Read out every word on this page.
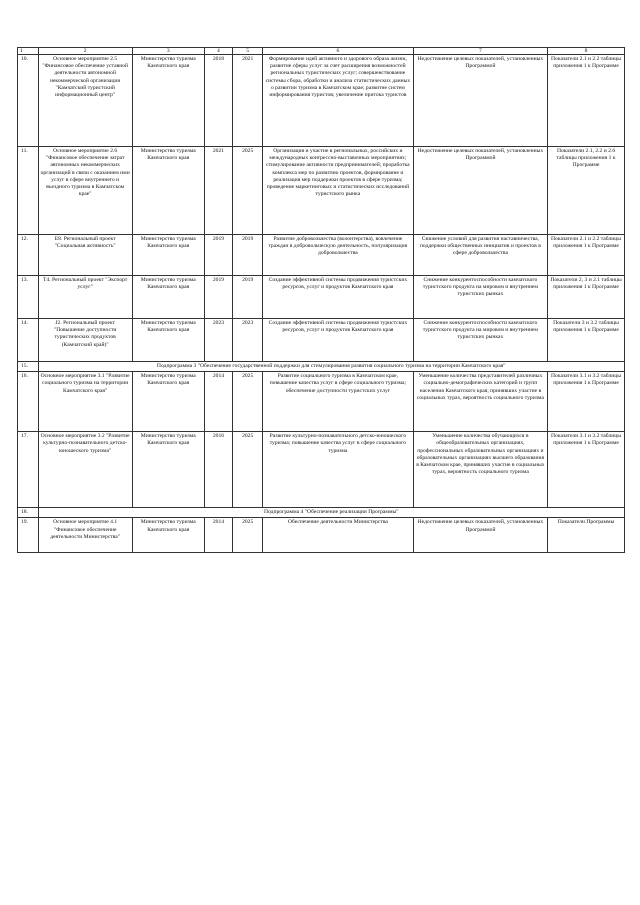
1	2	3	4	5	6	7	8
10.	Основное мероприятие 2.5 "Финансовое обеспечение уставной деятельности автономной некоммерческой организации "Камчатский туристский информационный центр"	Министерство туризма Камчатского края	2018	2021	Формирование идей активного и здорового образа жизни, развитие сферы услуг за счет расширения возможностей региональных туристических услуг; совершенствование системы сбора, обработки и анализа статистических данных о развитии туризма в Камчатском крае; развитие систем информирования туристов; увеличение притока туристов	Недостижение целевых показателей, установленных Программой	Показатели 2.1 и 2.2 таблицы приложения 1 к Программе
11.	Основное мероприятие 2.6 "Финансовое обеспечение затрат автономных некоммерческих организаций в связи с оказанием ими услуг в сфере внутреннего и въездного туризма в Камчатском крае"	Министерство туризма Камчатского края	2021	2025	Организация и участие в региональных, российских и международных конгрессно-выставочных мероприятиях; стимулирование активности предпринимателей; проработка комплекса мер по развитию проектов, формирование и реализация мер поддержки проектов в сфере туризма; проведение маркетинговых и статистических исследований туристского рынка	Недостижение целевых показателей, установленных Программой	Показатели 2.1, 2.2 и 2.6 таблицы приложения 1 к Программе
12.	Е8. Региональный проект "Социальная активность"	Министерство туризма Камчатского края	2019	2019	Развитие добровольчества (волонтерства), вовлечение граждан в добровольческую деятельность, популяризация добровольчества	Снижение условий для развития наставничества, поддержки общественных инициатив и проектов в сфере добровольчества	Показатели 2.1 и 2.2 таблицы приложения 1 к Программе
13.	Т4. Региональный проект "Экспорт услуг"	Министерство туризма Камчатского края	2019	2019	Создание эффективной системы продвижения туристских ресурсов, услуг и продуктов Камчатского края	Снижение конкурентоспособности камчатского туристского продукта на мировом и внутреннем туристских рынках	Показатели 2, 3 и 2.1 таблицы приложения 1 к Программе
14.	J2. Региональный проект "Повышение доступности туристических продуктов (Камчатский край)"	Министерство туризма Камчатского края	2023	2023	Создание эффективной системы продвижения туристских ресурсов, услуг и продуктов Камчатского края	Снижение конкурентоспособности камчатского туристского продукта на мировом и внутреннем туристских рынках	Показатели 3 и 3.2 таблицы приложения 1 к Программе
15.	Подпрограмма 3 "Обеспечение государственной поддержки для стимулирования развития социального туризма на территории Камчатского края"						
16.	Основное мероприятие 3.1 "Развитие социального туризма на территории Камчатского края"	Министерство туризма Камчатского края	2014	2025	Развитие социального туризма в Камчатском крае, повышение качества услуг в сфере социального туризма; обеспечение доступности туристских услуг	Уменьшение количества представителей различных социально-демографических категорий и групп населения Камчатского края, принявших участие в социальных турах, вероятность социального туризма	Показатели 3.1 и 3.2 таблицы приложения 1 к Программе
17.	Основное мероприятие 3.2 "Развитие культурно-познавательного детско-юношеского туризма"	Министерство туризма Камчатского края	2016	2025	Развитие культурно-познавательного детско-юношеского туризма; повышение качества услуг в сфере социального туризма	Уменьшение количества обучающихся в общеобразовательных организациях, профессиональных образовательных организациях и образовательных организациях высшего образования в Камчатском крае, принявших участие в социальных турах, вероятность социального туризма	Показатели 3.1 и 3.2 таблицы приложения 1 к Программе
18.	Подпрограмма 4 "Обеспечение реализации Программы"						
19.	Основное мероприятие 4.1 "Финансовое обеспечение деятельности Министерства"	Министерство туризма Камчатского края	2014	2025	Обеспечение деятельности Министерства	Недостижение целевых показателей, установленных Программой	Показатели Программы
